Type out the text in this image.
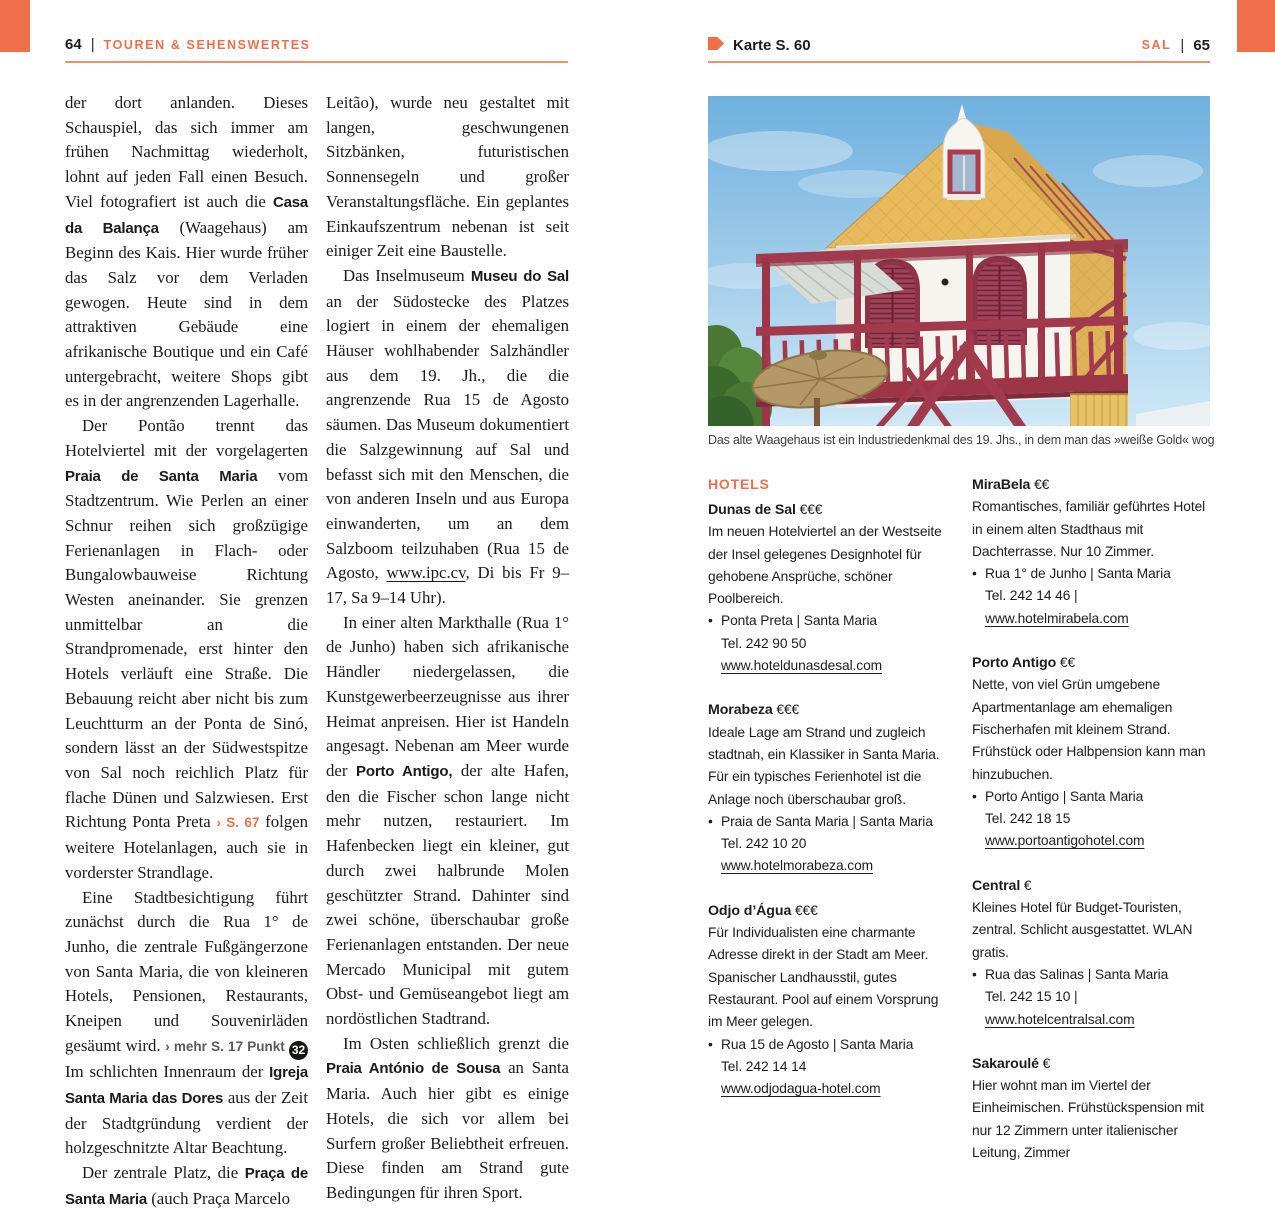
64 | TOUREN & SEHENSWERTES	Karte S. 60	SAL | 65

der dort anlanden. Dieses Schauspiel, das sich immer am frühen Nachmittag wiederholt, lohnt auf jeden Fall einen Besuch. Viel fotografiert ist auch die Casa da Balança (Waagehaus) am Beginn des Kais. Hier wurde früher das Salz vor dem Verladen gewogen. Heute sind in dem attraktiven Gebäude eine afrikanische Boutique und ein Café untergebracht, weitere Shops gibt es in der angrenzenden Lagerhalle.

Der Pontão trennt das Hotelviertel mit der vorgelagerten Praia de Santa Maria vom Stadtzentrum. Wie Perlen an einer Schnur reihen sich großzügige Ferienanlagen in Flach- oder Bungalowbauweise Richtung Westen aneinander. Sie grenzen unmittelbar an die Strandpromenade, erst hinter den Hotels verläuft eine Straße. Die Bebauung reicht aber nicht bis zum Leuchtturm an der Ponta de Sinó, sondern lässt an der Südwestspitze von Sal noch reichlich Platz für flache Dünen und Salzwiesen. Erst Richtung Ponta Preta › S. 67 folgen weitere Hotelanlagen, auch sie in vorderster Strandlage.

Eine Stadtbesichtigung führt zunächst durch die Rua 1° de Junho, die zentrale Fußgängerzone von Santa Maria, die von kleineren Hotels, Pensionen, Restaurants, Kneipen und Souvenirläden gesäumt wird. › mehr S. 17 Punkt 32 Im schlichten Innenraum der Igreja Santa Maria das Dores aus der Zeit der Stadtgründung verdient der holzgeschnitzte Altar Beachtung.

Der zentrale Platz, die Praça de Santa Maria (auch Praça Marcelo

Leitão), wurde neu gestaltet mit langen, geschwungenen Sitzbänken, futuristischen Sonnensegeln und großer Veranstaltungsfläche. Ein geplantes Einkaufszentrum nebenan ist seit einiger Zeit eine Baustelle.

Das Inselmuseum Museu do Sal an der Südostecke des Platzes logiert in einem der ehemaligen Häuser wohlhabender Salzhändler aus dem 19. Jh., die die angrenzende Rua 15 de Agosto säumen. Das Museum dokumentiert die Salzgewinnung auf Sal und befasst sich mit den Menschen, die von anderen Inseln und aus Europa einwanderten, um an dem Salzboom teilzuhaben (Rua 15 de Agosto, www.ipc.cv, Di bis Fr 9–17, Sa 9–14 Uhr).

In einer alten Markthalle (Rua 1° de Junho) haben sich afrikanische Händler niedergelassen, die Kunstgewerbeerzeugnisse aus ihrer Heimat anpreisen. Hier ist Handeln angesagt. Nebenan am Meer wurde der Porto Antigo, der alte Hafen, den die Fischer schon lange nicht mehr nutzen, restauriert. Im Hafenbecken liegt ein kleiner, gut durch zwei halbrunde Molen geschützter Strand. Dahinter sind zwei schöne, überschaubar große Ferienanlagen entstanden. Der neue Mercado Municipal mit gutem Obst- und Gemüseangebot liegt am nordöstlichen Stadtrand.

Im Osten schließlich grenzt die Praia António de Sousa an Santa Maria. Auch hier gibt es einige Hotels, die sich vor allem bei Surfern großer Beliebtheit erfreuen. Diese finden am Strand gute Bedingungen für ihren Sport.

Das alte Waagehaus ist ein Industriedenkmal des 19. Jhs., in dem man das »weiße Gold« wog
HOTELS
Dunas de Sal €€€
Im neuen Hotelviertel an der Westseite der Insel gelegenes Designhotel für gehobene Ansprüche, schöner Poolbereich.
• Ponta Preta | Santa Maria
Tel. 242 90 50
www.hoteldunasdesal.com
Morabeza €€€
Ideale Lage am Strand und zugleich stadtnah, ein Klassiker in Santa Maria. Für ein typisches Ferienhotel ist die Anlage noch überschaubar groß.
• Praia de Santa Maria | Santa Maria
Tel. 242 10 20
www.hotelmorabeza.com
Odjo d’Água €€€
Für Individualisten eine charmante Adresse direkt in der Stadt am Meer. Spanischer Landhausstil, gutes Restaurant. Pool auf einem Vorsprung im Meer gelegen.
• Rua 15 de Agosto | Santa Maria
Tel. 242 14 14
www.odjodagua-hotel.com
MiraBela €€
Romantisches, familiär geführtes Hotel in einem alten Stadthaus mit Dachterrasse. Nur 10 Zimmer.
• Rua 1° de Junho | Santa Maria
Tel. 242 14 46 | www.hotelmirabela.com
Porto Antigo €€
Nette, von viel Grün umgebene Apartmentanlage am ehemaligen Fischerhafen mit kleinem Strand. Frühstück oder Halbpension kann man hinzubuchen.
• Porto Antigo | Santa Maria
Tel. 242 18 15
www.portoantigohotel.com
Central €
Kleines Hotel für Budget-Touristen, zentral. Schlicht ausgestattet. WLAN gratis.
• Rua das Salinas | Santa Maria
Tel. 242 15 10 | www.hotelcentralsal.com
Sakaroulé €
Hier wohnt man im Viertel der Einheimischen. Frühstückspension mit nur 12 Zimmern unter italienischer Leitung, Zimmer
